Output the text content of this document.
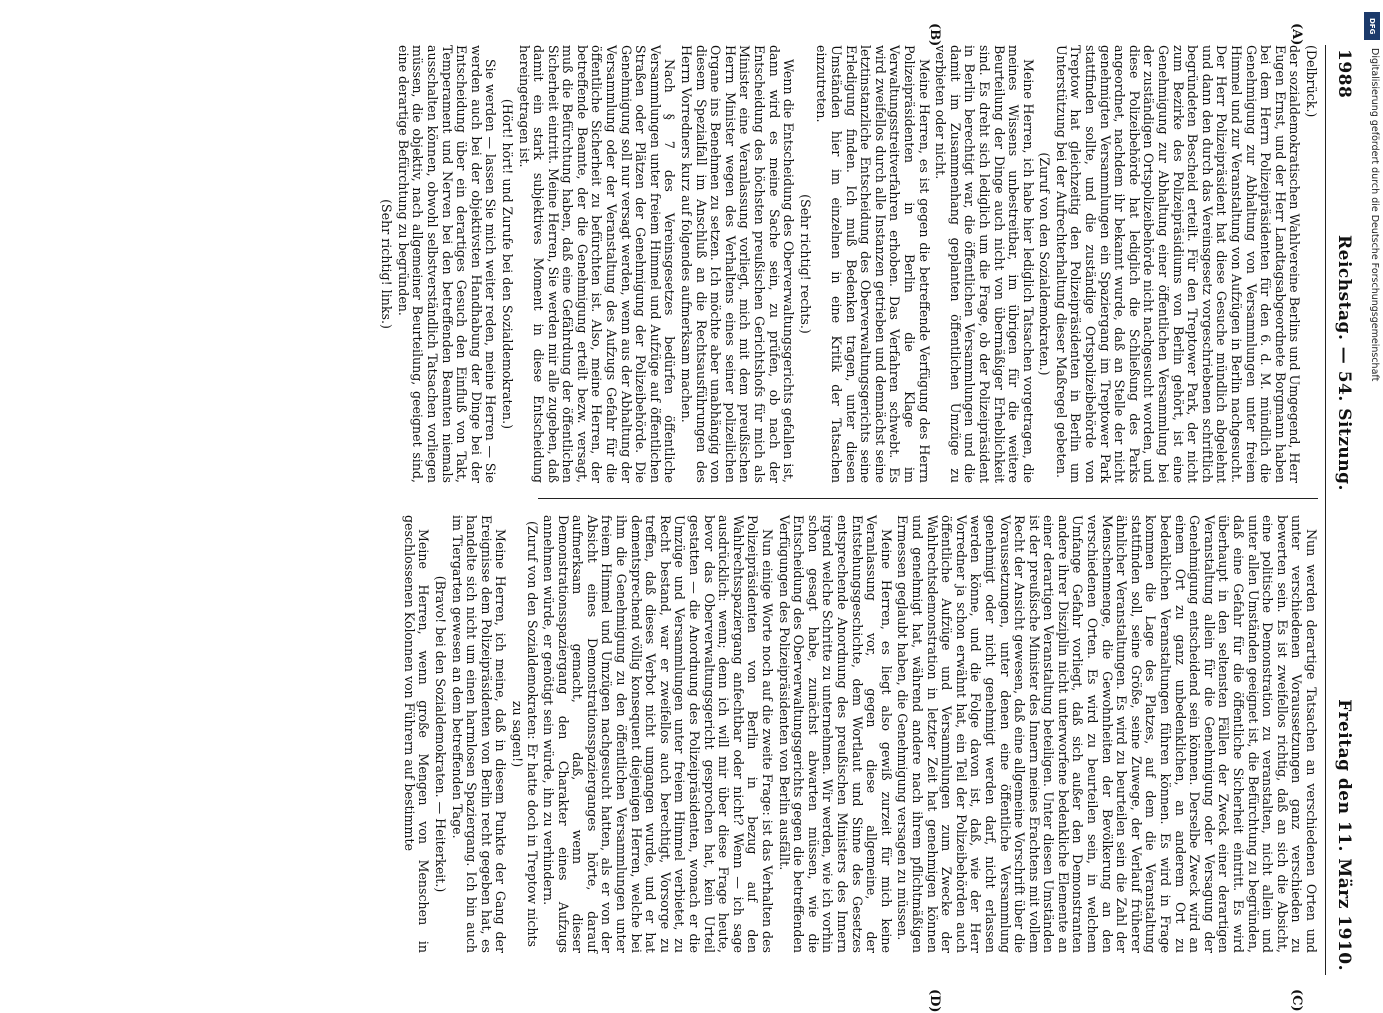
DFG
Digitalisierung gefördert durch die Deutsche Forschungsgemeinschaft
1988
Reichstag. — 54. Sitzung.
Freitag den 11. März 1910.
(A)
(B)
(C)
(D)

(Delbrück.)

der sozialdemokratischen Wahlvereine Berlins und Umgegend, Herr Eugen Ernst, und der Herr Landtagsabgeordnete Borgmann haben bei dem Herrn Polizeipräsidenten für den 6. d. M. mündlich die Genehmigung zur Abhaltung von Versammlungen unter freiem Himmel und zur Veranstaltung von Aufzügen in Berlin nachgesucht. Der Herr Polizeipräsident hat diese Gesuche mündlich abgelehnt und dann den durch das Vereinsgesetz vorgeschriebenen schriftlich begründeten Bescheid erteilt. Für den Treptower Park, der nicht zum Bezirke des Polizeipräsidiums von Berlin gehört, ist eine Genehmigung zur Abhaltung einer öffentlichen Versammlung bei der zuständigen Ortspolizeibehörde nicht nachgesucht worden, und diese Polizeibehörde hat lediglich die Schließung des Parks angeordnet, nachdem ihr bekannt wurde, daß an Stelle der nicht genehmigten Versammlungen ein Spaziergang im Treptower Park stattfinden sollte, und die zuständige Ortspolizeibehörde von Treptow hat gleichzeitig den Polizeipräsidenten in Berlin um Unterstützung bei der Aufrechterhaltung dieser Maßregel gebeten.

(Zuruf von den Sozialdemokraten.)

Meine Herren, ich habe hier lediglich Tatsachen vorgetragen, die meines Wissens unbestreitbar, im übrigen für die weitere Beurteilung der Dinge auch nicht von übermäßiger Erheblichkeit sind. Es dreht sich lediglich um die Frage, ob der Polizeipräsident in Berlin berechtigt war, die öffentlichen Versammlungen und die damit im Zusammenhang geplanten öffentlichen Umzüge zu verbieten oder nicht.

Meine Herren, es ist gegen die betreffende Verfügung des Herrn Polizeipräsidenten in Berlin die Klage im Verwaltungsstreitverfahren erhoben. Das Verfahren schwebt. Es wird zweifellos durch alle Instanzen getrieben und demnächst seine letztinstanzliche Entscheidung des Oberverwaltungsgerichts seine Erledigung finden. Ich muß Bedenken tragen, unter diesen Umständen hier im einzelnen in eine Kritik der Tatsachen einzutreten.

(Sehr richtig! rechts.)

Wenn die Entscheidung des Oberverwaltungsgerichts gefallen ist, dann wird es meine Sache sein, zu prüfen, ob nach der Entscheidung des höchsten preußischen Gerichtshofs für mich als Minister eine Veranlassung vorliegt, mich mit dem preußischen Herrn Minister wegen des Verhaltens eines seiner polizeilichen Organe ins Benehmen zu setzen. Ich möchte aber unabhängig von diesem Spezialfall im Anschluß an die Rechtsausführungen des Herrn Vorredners kurz auf folgendes aufmerksam machen.

Nach § 7 des Vereinsgesetzes bedürfen öffentliche Versammlungen unter freiem Himmel und Aufzüge auf öffentlichen Straßen oder Plätzen der Genehmigung der Polizeibehörde. Die Genehmigung soll nur versagt werden, wenn aus der Abhaltung der Versammlung oder der Veranstaltung des Aufzugs Gefahr für die öffentliche Sicherheit zu befürchten ist. Also, meine Herren, der betreffende Beamte, der die Genehmigung erteilt bezw. versagt, muß die Befürchtung haben, daß eine Gefährdung der öffentlichen Sicherheit eintritt. Meine Herren, Sie werden mir alle zugeben, daß damit ein stark subjektives Moment in diese Entscheidung hereingetragen ist.

(Hört! hört! und Zurufe bei den Sozialdemokraten.)

Sie werden — lassen Sie mich weiter reden, meine Herren — Sie werden auch bei der objektivsten Handhabung der Dinge bei der Entscheidung über ein derartiges Gesuch den Einfluß von Takt, Temperament und Nerven bei den betreffenden Beamten niemals ausschalten können, obwohl selbstverständlich Tatsachen vorliegen müssen, die objektiv, nach allgemeiner Beurteilung, geeignet sind, eine derartige Befürchtung zu begründen.

(Sehr richtig! links.)

Nun werden derartige Tatsachen an verschiedenen Orten und unter verschiedenen Voraussetzungen ganz verschieden zu bewerten sein. Es ist zweifellos richtig, daß an sich die Absicht, eine politische Demonstration zu veranstalten, nicht allein und unter allen Umständen geeignet ist, die Befürchtung zu begründen, daß eine Gefahr für die öffentliche Sicherheit eintritt. Es wird überhaupt in den seltensten Fällen der Zweck einer derartigen Veranstaltung allein für die Genehmigung oder Versagung der Genehmigung entscheidend sein können. Derselbe Zweck wird an einem Ort zu ganz unbedenklichen, an anderem Ort zu bedenklichen Veranstaltungen führen können. Es wird in Frage kommen die Lage des Platzes, auf dem die Veranstaltung stattfinden soll, seine Größe, seine Zuwege, der Verlauf früherer ähnlicher Veranstaltungen. Es wird zu beurteilen sein die Zahl der Menschenmenge, die Gewohnheiten der Bevölkerung an den verschiedenen Orten. Es wird zu beurteilen sein, in welchem Umfange Gefahr vorliegt, daß sich außer den Demonstranten andere ihrer Disziplin nicht unterworfene bedenkliche Elemente an einer derartigen Veranstaltung beteiligen. Unter diesen Umständen ist der preußische Minister des Innern meines Erachtens mit vollem Recht der Ansicht gewesen, daß eine allgemeine Vorschrift über die Voraussetzungen, unter denen eine öffentliche Versammlung genehmigt oder nicht genehmigt werden darf, nicht erlassen werden könne, und die Folge davon ist, daß, wie der Herr Vorredner ja schon erwähnt hat, ein Teil der Polizeibehörden auch öffentliche Aufzüge und Versammlungen zum Zwecke der Wahlrechtsdemonstration in letzter Zeit hat genehmigen können und genehmigt hat, während andere nach ihrem pflichtmäßigen Ermessen geglaubt haben, die Genehmigung versagen zu müssen.

Meine Herren, es liegt also gewiß zurzeit für mich keine Veranlassung vor, gegen diese allgemeine, der Entstehungsgeschichte, dem Wortlaut und Sinne des Gesetzes entsprechende Anordnung des preußischen Ministers des Innern irgend welche Schritte zu unternehmen. Wir werden, wie ich vorhin schon gesagt habe, zunächst abwarten müssen, wie die Entscheidung des Oberverwaltungsgerichts gegen die betreffenden Verfügungen des Polizeipräsidenten von Berlin ausfällt.

Nun einige Worte noch auf die zweite Frage: ist das Verhalten des Polizeipräsidenten von Berlin in bezug auf den Wahlrechtsspaziergang anfechtbar oder nicht? Wenn — ich sage ausdrücklich: wenn; denn ich will mir über diese Frage heute, bevor das Oberverwaltungsgericht gesprochen hat, kein Urteil gestatten — die Anordnung des Polizeipräsidenten, wonach er die Umzüge und Versammlungen unter freiem Himmel verbietet, zu Recht bestand, war er zweifellos auch berechtigt, Vorsorge zu treffen, daß dieses Verbot nicht umgangen wurde, und er hat dementsprechend völlig konsequent diejenigen Herren, welche bei ihm die Genehmigung zu den öffentlichen Versammlungen unter freiem Himmel und Umzügen nachgesucht hatten, als er von der Absicht eines Demonstrationsspazierganges hörte, darauf aufmerksam gemacht, daß, wenn dieser Demonstrationsspaziergang den Charakter eines Aufzugs annehmen würde, er genötigt sein würde, ihn zu verhindern.

(Zuruf von den Sozialdemokraten: Er hatte doch in Treptow nichts zu sagen!)

Meine Herren, ich meine, daß in diesem Punkte der Gang der Ereignisse dem Polizeipräsidenten von Berlin recht gegeben hat, es handelte sich nicht um einen harmlosen Spaziergang. Ich bin auch im Tiergarten gewesen an dem betreffenden Tage.

(Bravo! bei den Sozialdemokraten. — Heiterkeit.)

Meine Herren, wenn große Mengen von Menschen in geschlossenen Kolonnen von Führern auf bestimmte
